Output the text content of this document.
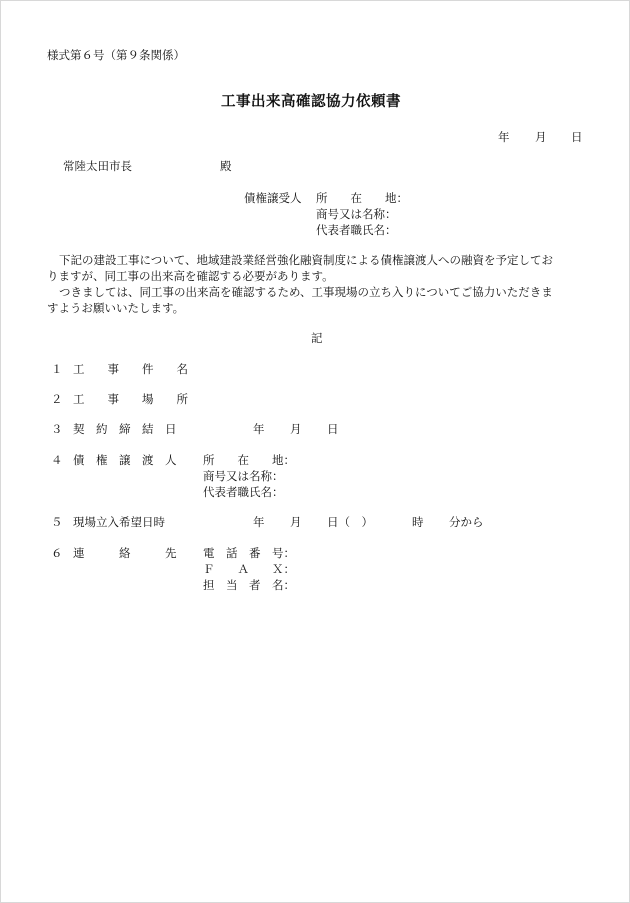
様式第６号（第９条関係）
工事出来高確認協力依頼書
年 月 日
常陸太田市長	殿
債権譲受人 所　　在　　地：
商号又は名称：
代表者職氏名：
下記の建設工事について、地域建設業経営強化融資制度による債権譲渡人への融資を予定してお
りますが、同工事の出来高を確認する必要があります。
つきましては、同工事の出来高を確認するため、工事現場の立ち入りについてご協力いただきま
すようお願いいたします。
記
１ 工　　事　　件　　名
２ 工　　事　　場　　所
３ 契　約　締　結　日	年 月 日
４ 債　権　譲　渡　人 所　　在　　地：
商号又は名称：
代表者職氏名：
５ 現場立入希望日時	年 月 日（　）	時 分から
６ 連　　　絡　　　先 電　話　番　号：
Ｆ　　Ａ　　Ｘ：
担　当　者　名：
